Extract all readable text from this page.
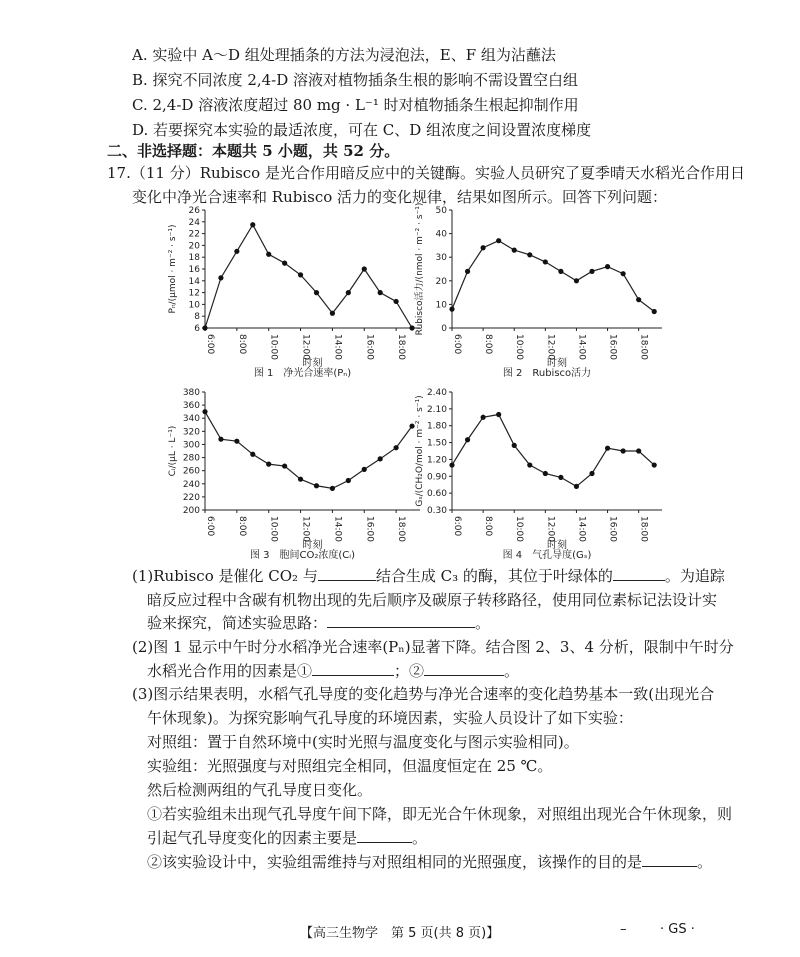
A. 实验中 A～D 组处理插条的方法为浸泡法，E、F 组为沾蘸法
B. 探究不同浓度 2,4-D 溶液对植物插条生根的影响不需设置空白组
C. 2,4-D 溶液浓度超过 80 mg · L⁻¹ 时对植物插条生根起抑制作用
D. 若要探究本实验的最适浓度，可在 C、D 组浓度之间设置浓度梯度
二、非选择题：本题共 5 小题，共 52 分。
17.（11 分）Rubisco 是光合作用暗反应中的关键酶。实验人员研究了夏季晴天水稻光合作用日
变化中净光合速率和 Rubisco 活力的变化规律，结果如图所示。回答下列问题：
6
8
10
12
14
16
18
20
22
24
26
6:00 8:00 10:00 12:00 14:00 16:00 18:00
时刻
Pₙ/(μmol · m⁻² · s⁻¹)
图 1　净光合速率(Pₙ)
0
10
20
30
40
50
6:00 8:00 10:00 12:00 14:00 16:00 18:00
时刻
Rubisco活力/(nmol · m⁻² · s⁻¹)
图 2　Rubisco活力
200
220
240
260
280
300
320
340
360
380
6:00 8:00 10:00 12:00 14:00 16:00 18:00
时刻
Cᵢ/(μL · L⁻¹)
图 3　胞间CO₂浓度(Cᵢ)
0.30
0.60
0.90
1.20
1.50
1.80
2.10
2.40
6:00 8:00 10:00 12:00 14:00 16:00 18:00
时刻
Gₛ/(CH₂O/mol · m⁻² · s⁻¹)
图 4　气孔导度(Gₛ)
(1)Rubisco 是催化 CO₂ 与	结合生成 C₃ 的酶，其位于叶绿体的	。为追踪
暗反应过程中含碳有机物出现的先后顺序及碳原子转移路径，使用同位素标记法设计实
验来探究，简述实验思路：	。
(2)图 1 显示中午时分水稻净光合速率(Pₙ)显著下降。结合图 2、3、4 分析，限制中午时分
水稻光合作用的因素是①	；②	。
(3)图示结果表明，水稻气孔导度的变化趋势与净光合速率的变化趋势基本一致(出现光合
午休现象)。为探究影响气孔导度的环境因素，实验人员设计了如下实验：
对照组：置于自然环境中(实时光照与温度变化与图示实验相同)。
实验组：光照强度与对照组完全相同，但温度恒定在 25 ℃。
然后检测两组的气孔导度日变化。
①若实验组未出现气孔导度午间下降，即无光合午休现象，对照组出现光合午休现象，则
引起气孔导度变化的因素主要是	。
②该实验设计中，实验组需维持与对照组相同的光照强度，该操作的目的是	。
【高三生物学　第 5 页(共 8 页)】	–	· GS ·
